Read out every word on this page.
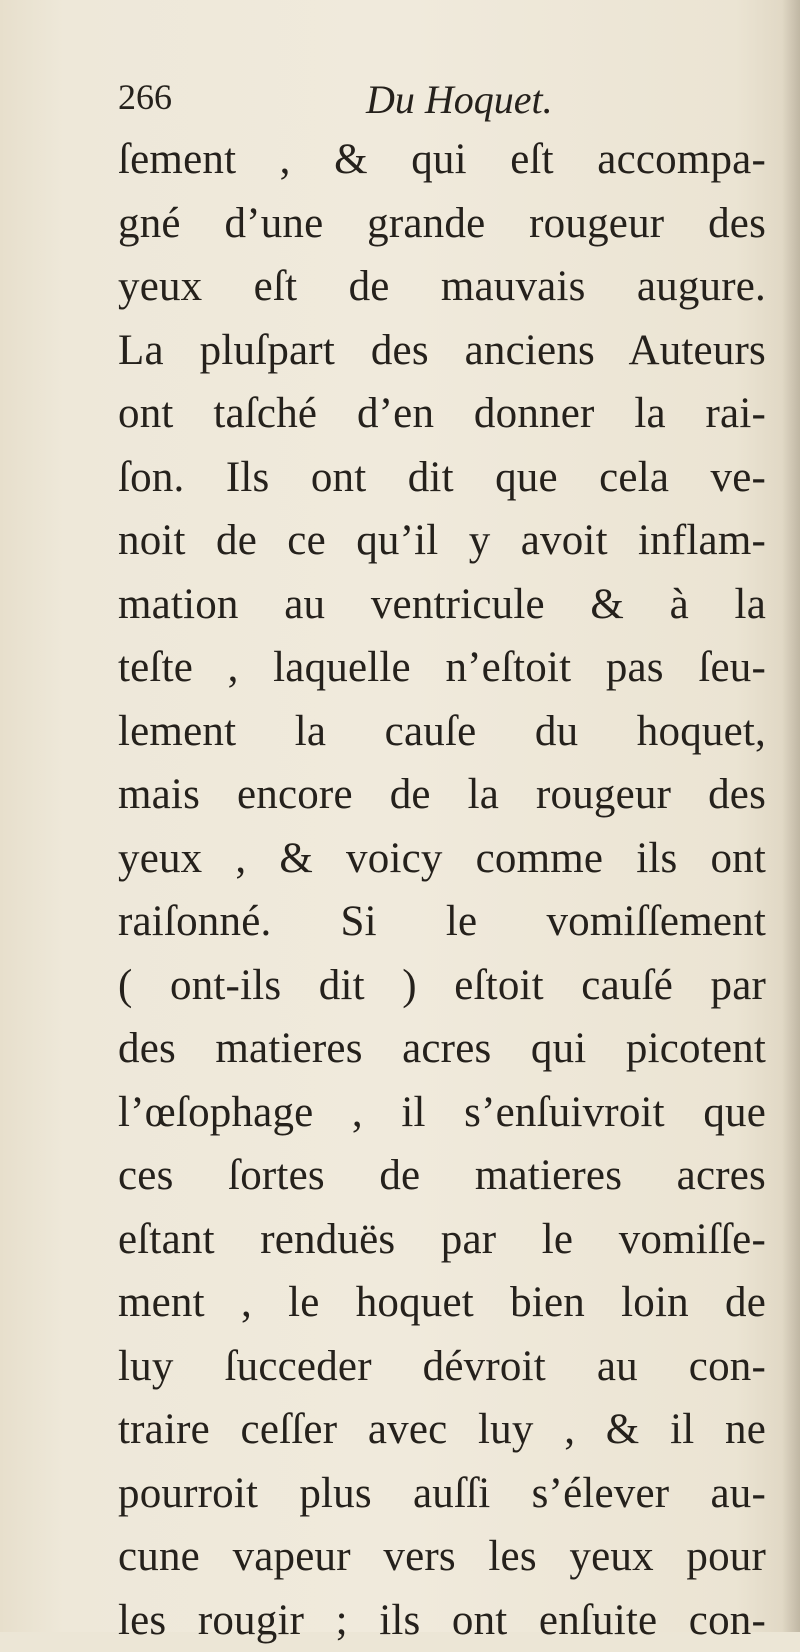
266	Du Hoquet.
ſement , & qui eſt accompa-
gné d’une grande rougeur des
yeux eſt de mauvais augure.
La pluſpart des anciens Auteurs
ont taſché d’en donner la rai-
ſon. Ils ont dit que cela ve-
noit de ce qu’il y avoit inflam-
mation au ventricule & à la
teſte , laquelle n’eſtoit pas ſeu-
lement la cauſe du hoquet,
mais encore de la rougeur des
yeux , & voicy comme ils ont
raiſonné. Si le vomiſſement
( ont-ils dit ) eſtoit cauſé par
des matieres acres qui picotent
l’œſophage , il s’enſuivroit que
ces ſortes de matieres acres
eſtant renduës par le vomiſſe-
ment , le hoquet bien loin de
luy ſucceder dévroit au con-
traire ceſſer avec luy , & il ne
pourroit plus auſſi s’élever au-
cune vapeur vers les yeux pour
les rougir ; ils ont enſuite con-
